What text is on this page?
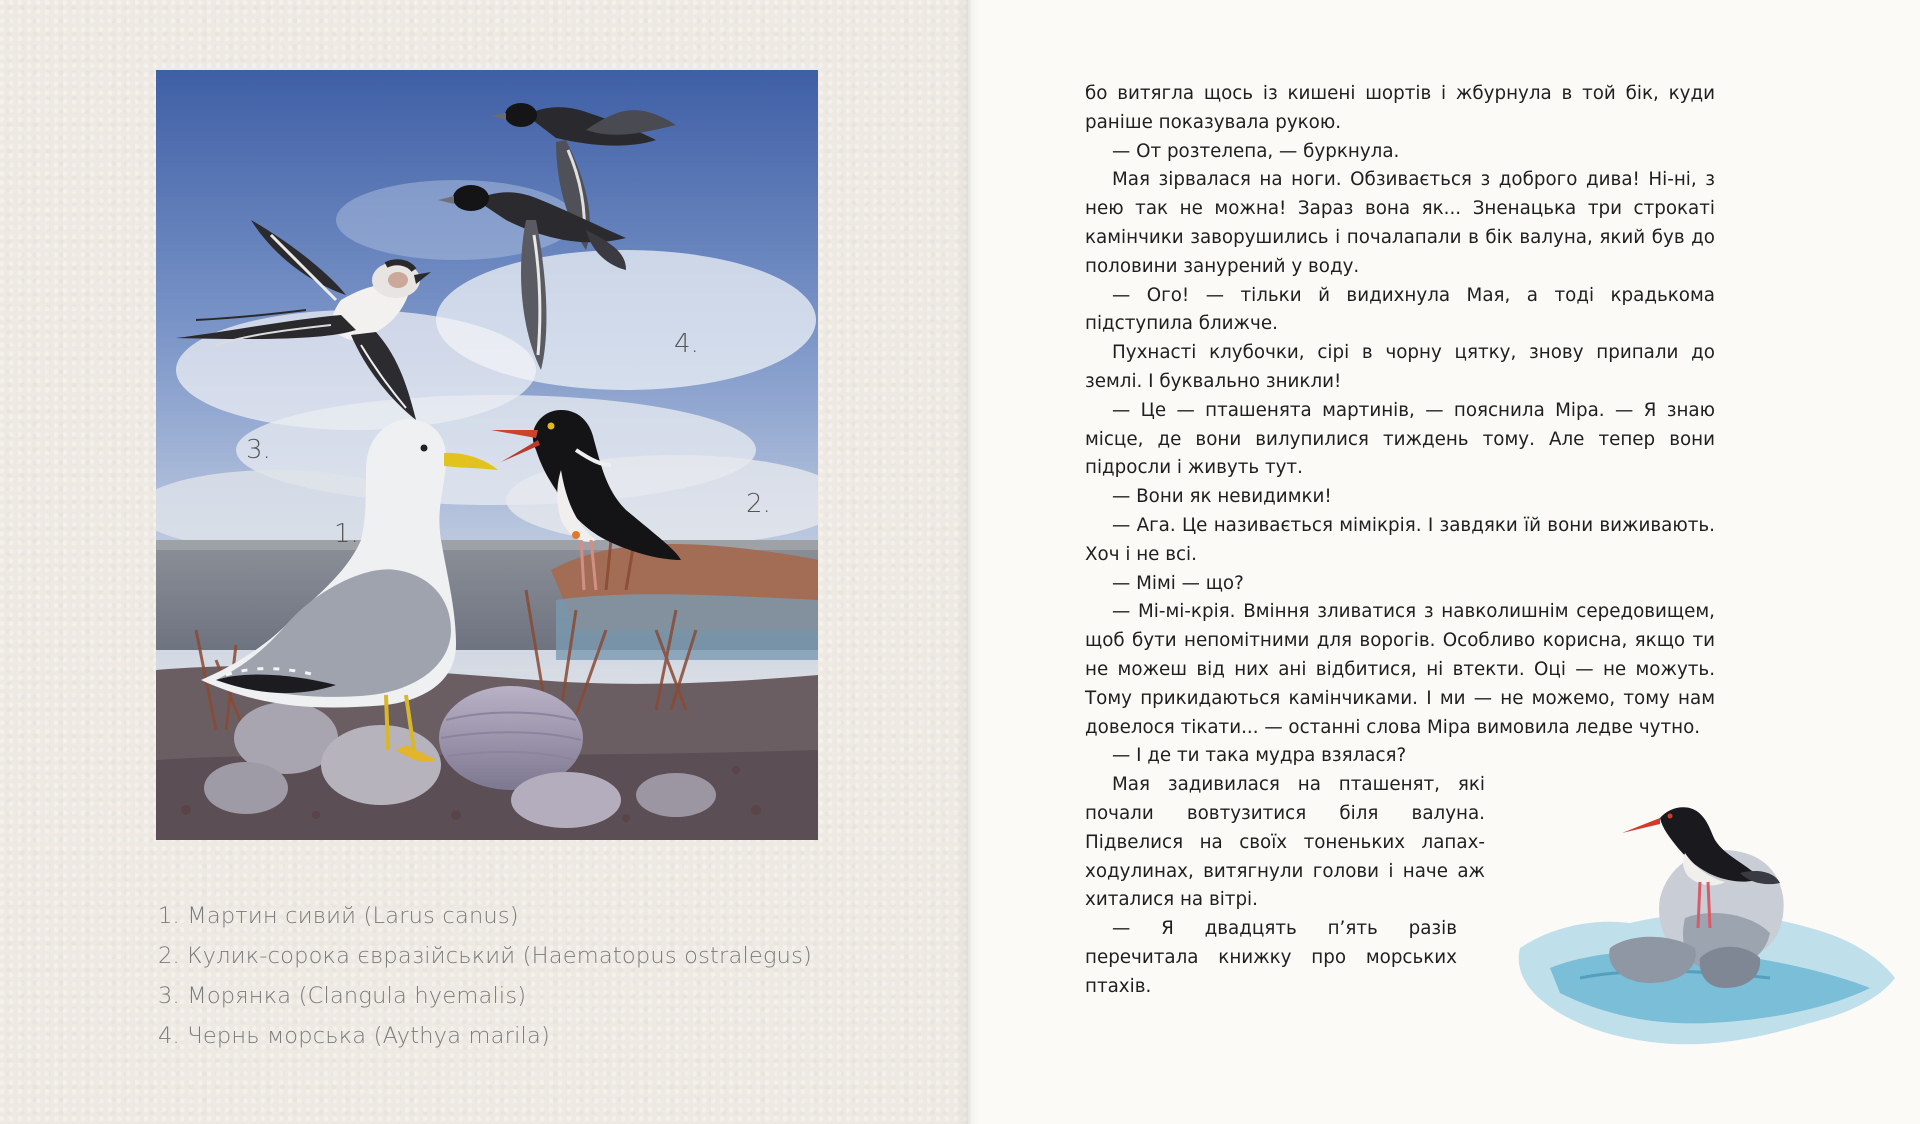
1.
2.
3.
4.
1. Мартин сивий (Larus canus)
2. Кулик-сорока євразійський (Haematopus ostralegus)
3. Морянка (Clangula hyemalis)
4. Чернь морська (Aythya marila)

бо витягла щось із кишені шортів і жбурнула в той бік, куди раніше показувала рукою.

— От розтелепа, — буркнула.

Мая зірвалася на ноги. Обзивається з доброго дива! Ні-ні, з нею так не можна! Зараз вона як... Зненацька три строкаті камінчики заворушились і почалапали в бік валуна, який був до половини занурений у воду.

— Ого! — тільки й видихнула Мая, а тоді крадькома підступила ближче.

Пухнасті клубочки, сірі в чорну цятку, знову припали до землі. І буквально зникли!

— Це — пташенята мартинів, — пояснила Міра. — Я знаю місце, де вони вилупилися тиждень тому. Але тепер вони підросли і живуть тут.

— Вони як невидимки!

— Ага. Це називається мімікрія. І завдяки їй вони виживають. Хоч і не всі.

— Мімі — що?

— Мі-мі-крія. Вміння зливатися з навколишнім середовищем, щоб бути непомітними для ворогів. Особливо корисна, якщо ти не можеш від них ані відбитися, ні втекти. Оці — не можуть. Тому прикидаються камінчиками. І ми — не можемо, тому нам довелося тікати... — останні слова Міра вимовила ледве чутно.

— І де ти така мудра взялася?

Мая задивилася на пташенят, які почали вовтузитися біля валуна. Підвелися на своїх тоненьких лапах-ходулинах, витягнули голови і наче аж хиталися на вітрі.

— Я двадцять п’ять разів перечитала книжку про морських птахів.
